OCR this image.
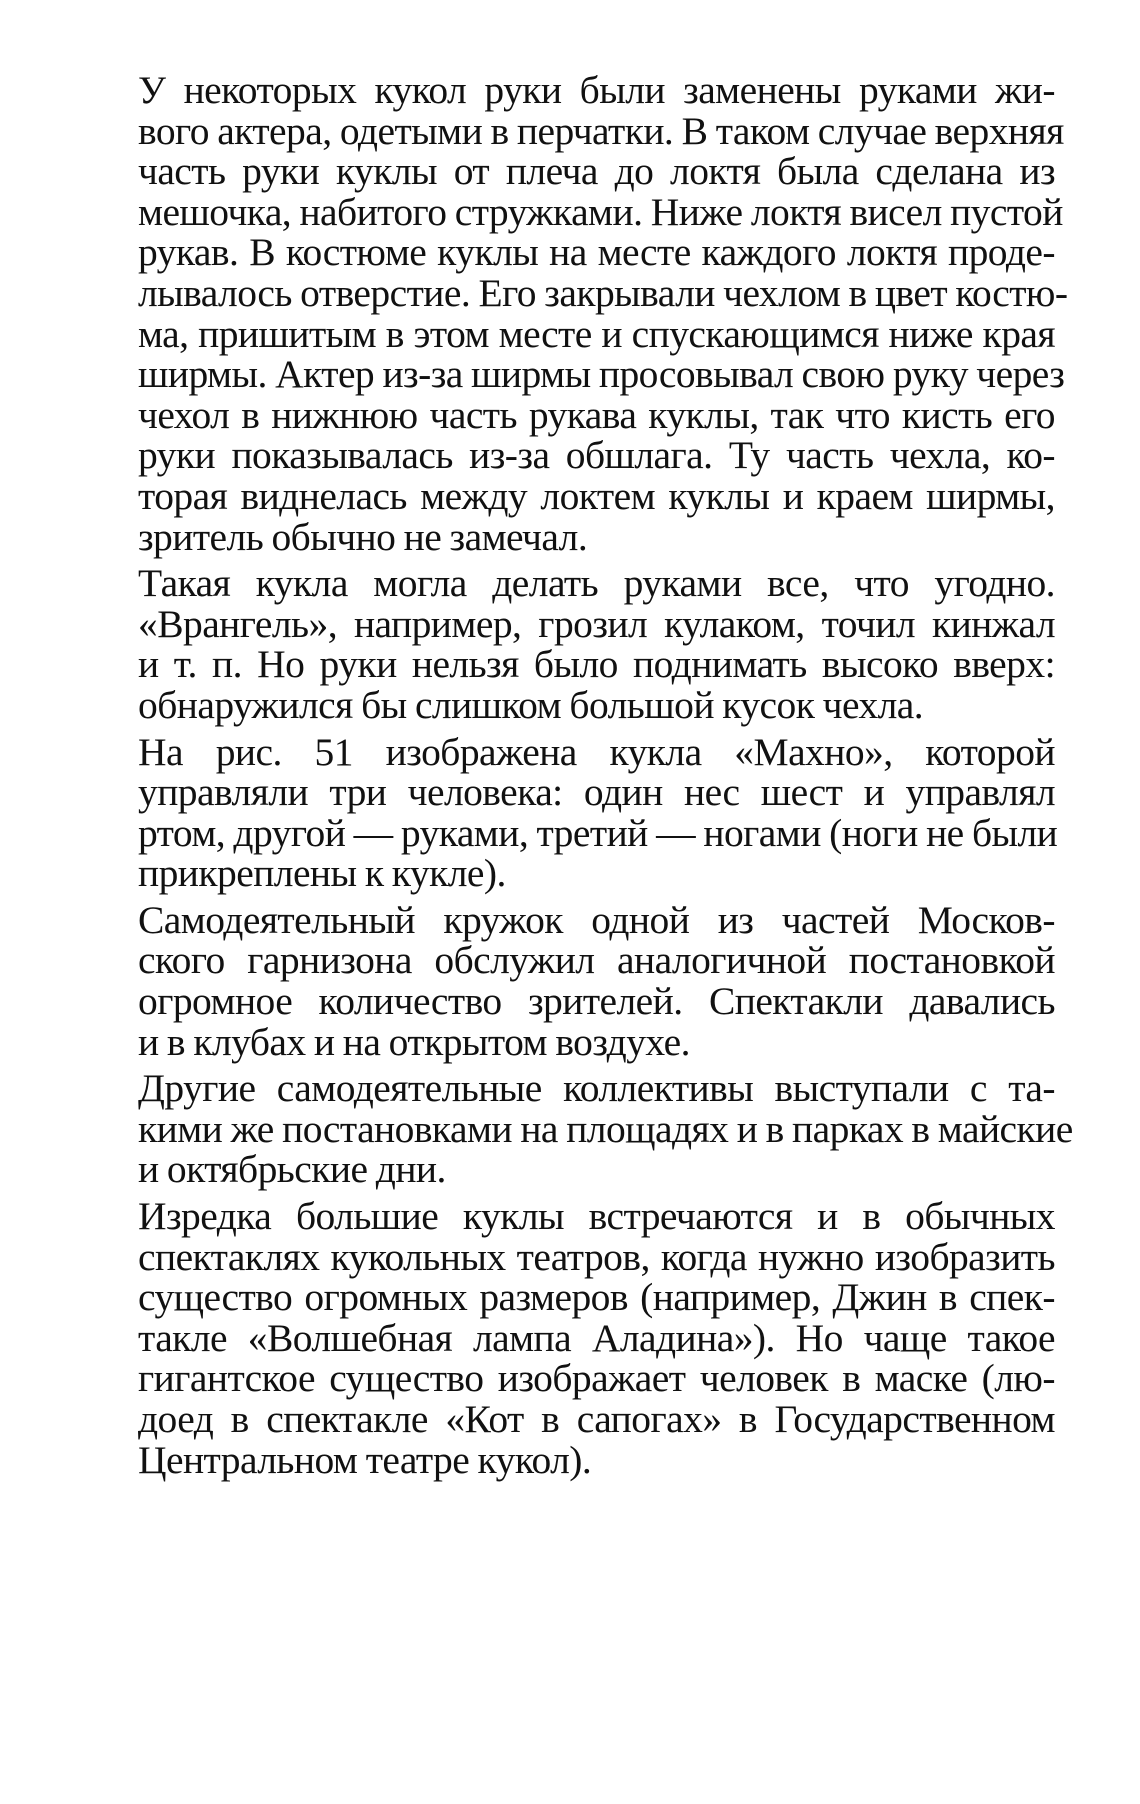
У некоторых кукол руки были заменены руками жи-
вого актера, одетыми в перчатки. В таком случае верхняя
часть руки куклы от плеча до локтя была сделана из
мешочка, набитого стружками. Ниже локтя висел пустой
рукав. В костюме куклы на месте каждого локтя проде-
лывалось отверстие. Его закрывали чехлом в цвет костю-
ма, пришитым в этом месте и спускающимся ниже края
ширмы. Актер из-за ширмы просовывал свою руку через
чехол в нижнюю часть рукава куклы, так что кисть его
руки показывалась из-за обшлага. Ту часть чехла, ко-
торая виднелась между локтем куклы и краем ширмы,
зритель обычно не замечал.

Такая кукла могла делать руками все, что угодно.
«Врангель», например, грозил кулаком, точил кинжал
и т. п. Но руки нельзя было поднимать высоко вверх:
обнаружился бы слишком большой кусок чехла.

На рис. 51 изображена кукла «Махно», которой
управляли три человека: один нес шест и управлял
ртом, другой — руками, третий — ногами (ноги не были
прикреплены к кукле).

Самодеятельный кружок одной из частей Москов-
ского гарнизона обслужил аналогичной постановкой
огромное количество зрителей. Спектакли давались
и в клубах и на открытом воздухе.

Другие самодеятельные коллективы выступали с та-
кими же постановками на площадях и в парках в майские
и октябрьские дни.

Изредка большие куклы встречаются и в обычных
спектаклях кукольных театров, когда нужно изобразить
существо огромных размеров (например, Джин в спек-
такле «Волшебная лампа Аладина»). Но чаще такое
гигантское существо изображает человек в маске (лю-
доед в спектакле «Кот в сапогах» в Государственном
Центральном театре кукол).
